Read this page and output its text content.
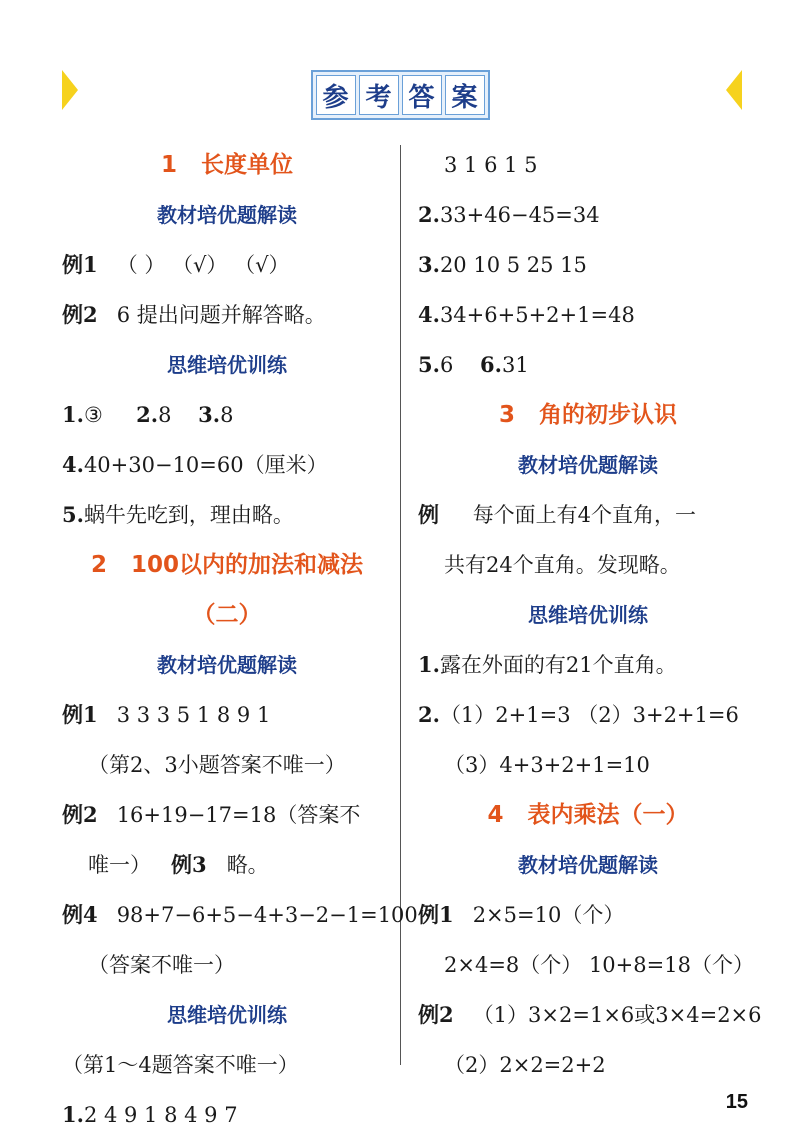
参 考 答 案
1 长度单位
教材培优题解读
例1 （ ） （√） （√）
例2 6 提出问题并解答略。
思维培优训练
1.③ 2.8 3.8
4.40+30−10=60（厘米）
5.蜗牛先吃到，理由略。
2 100以内的加法和减法
（二）
教材培优题解读
例1 3 3 3 5 1 8 9 1
（第2、3小题答案不唯一）
例2 16+19−17=18（答案不
唯一） 例3 略。
例4 98+7−6+5−4+3−2−1=100
（答案不唯一）
思维培优训练
（第1～4题答案不唯一）
1.2 4 9 1 8 4 9 7
3 1 6 1 5
2.33+46−45=34
3.20 10 5 25 15
4.34+6+5+2+1=48
5.6 6.31
3 角的初步认识
教材培优题解读
例 每个面上有4个直角，一
共有24个直角。发现略。
思维培优训练
1.露在外面的有21个直角。
2.（1）2+1=3 （2）3+2+1=6
（3）4+3+2+1=10
4 表内乘法（一）
教材培优题解读
例1 2×5=10（个）
2×4=8（个） 10+8=18（个）
例2 （1）3×2=1×6或3×4=2×6
（2）2×2=2+2
15
